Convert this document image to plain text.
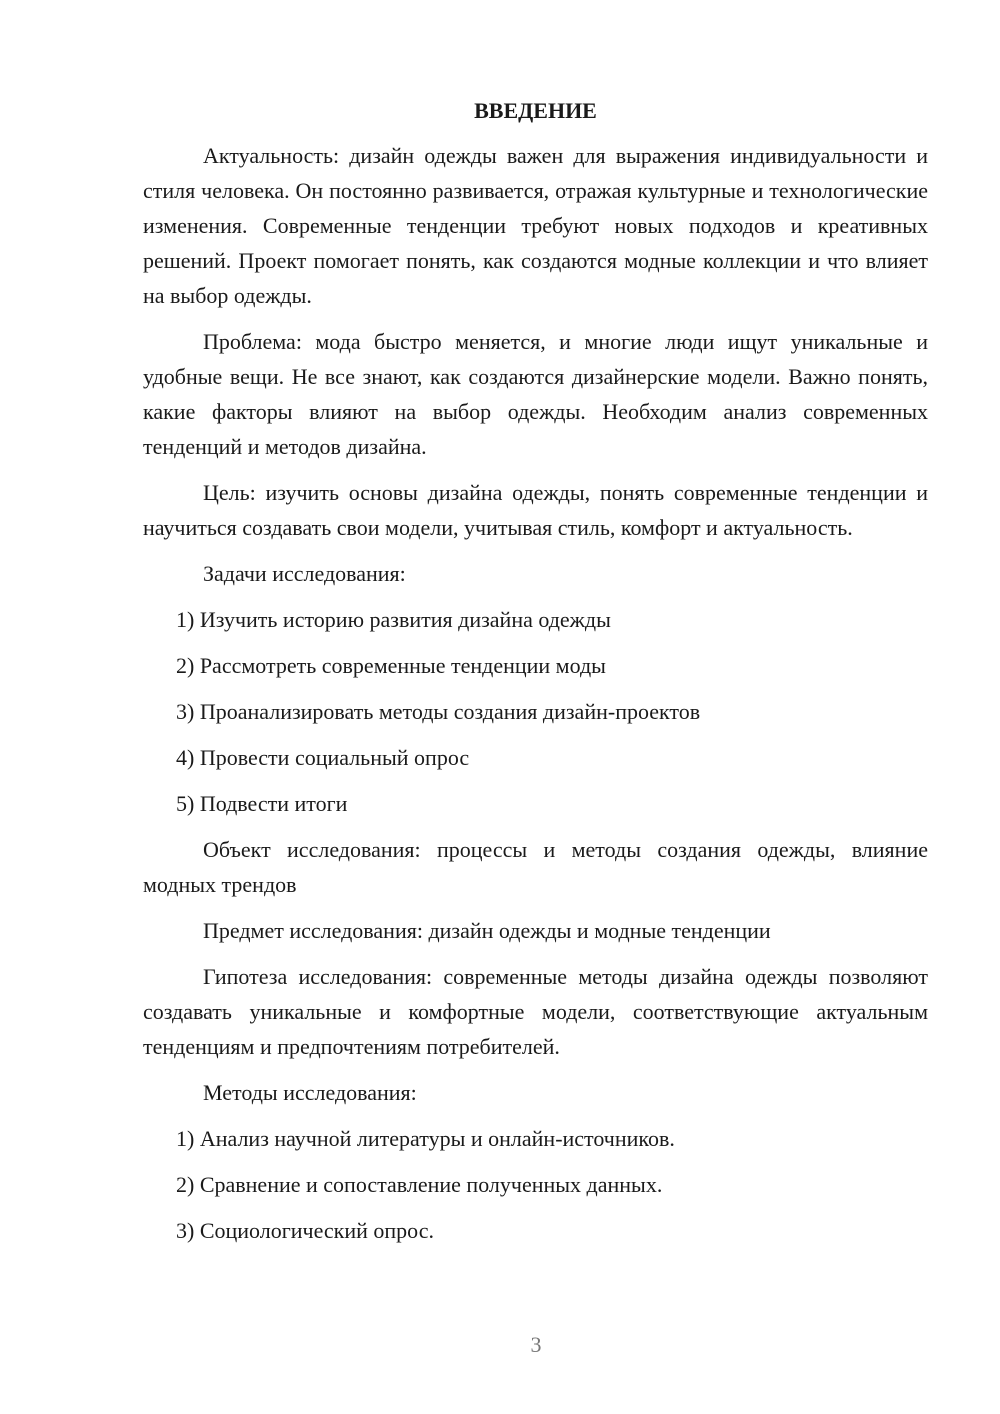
ВВЕДЕНИЕ

Актуальность: дизайн одежды важен для выражения индивидуальности и стиля человека. Он постоянно развивается, отражая культурные и технологические изменения. Современные тенденции требуют новых подходов и креативных решений. Проект помогает понять, как создаются модные коллекции и что влияет на выбор одежды.

Проблема: мода быстро меняется, и многие люди ищут уникальные и удобные вещи. Не все знают, как создаются дизайнерские модели. Важно понять, какие факторы влияют на выбор одежды. Необходим анализ современных тенденций и методов дизайна.

Цель: изучить основы дизайна одежды, понять современные тенденции и научиться создавать свои модели, учитывая стиль, комфорт и актуальность.

Задачи исследования:

1) Изучить историю развития дизайна одежды

2) Рассмотреть современные тенденции моды

3) Проанализировать методы создания дизайн-проектов

4) Провести социальный опрос

5) Подвести итоги

Объект исследования: процессы и методы создания одежды, влияние модных трендов

Предмет исследования: дизайн одежды и модные тенденции

Гипотеза исследования: современные методы дизайна одежды позволяют создавать уникальные и комфортные модели, соответствующие актуальным тенденциям и предпочтениям потребителей.

Методы исследования:

1) Анализ научной литературы и онлайн-источников.

2) Сравнение и сопоставление полученных данных.

3) Социологический опрос.

3
